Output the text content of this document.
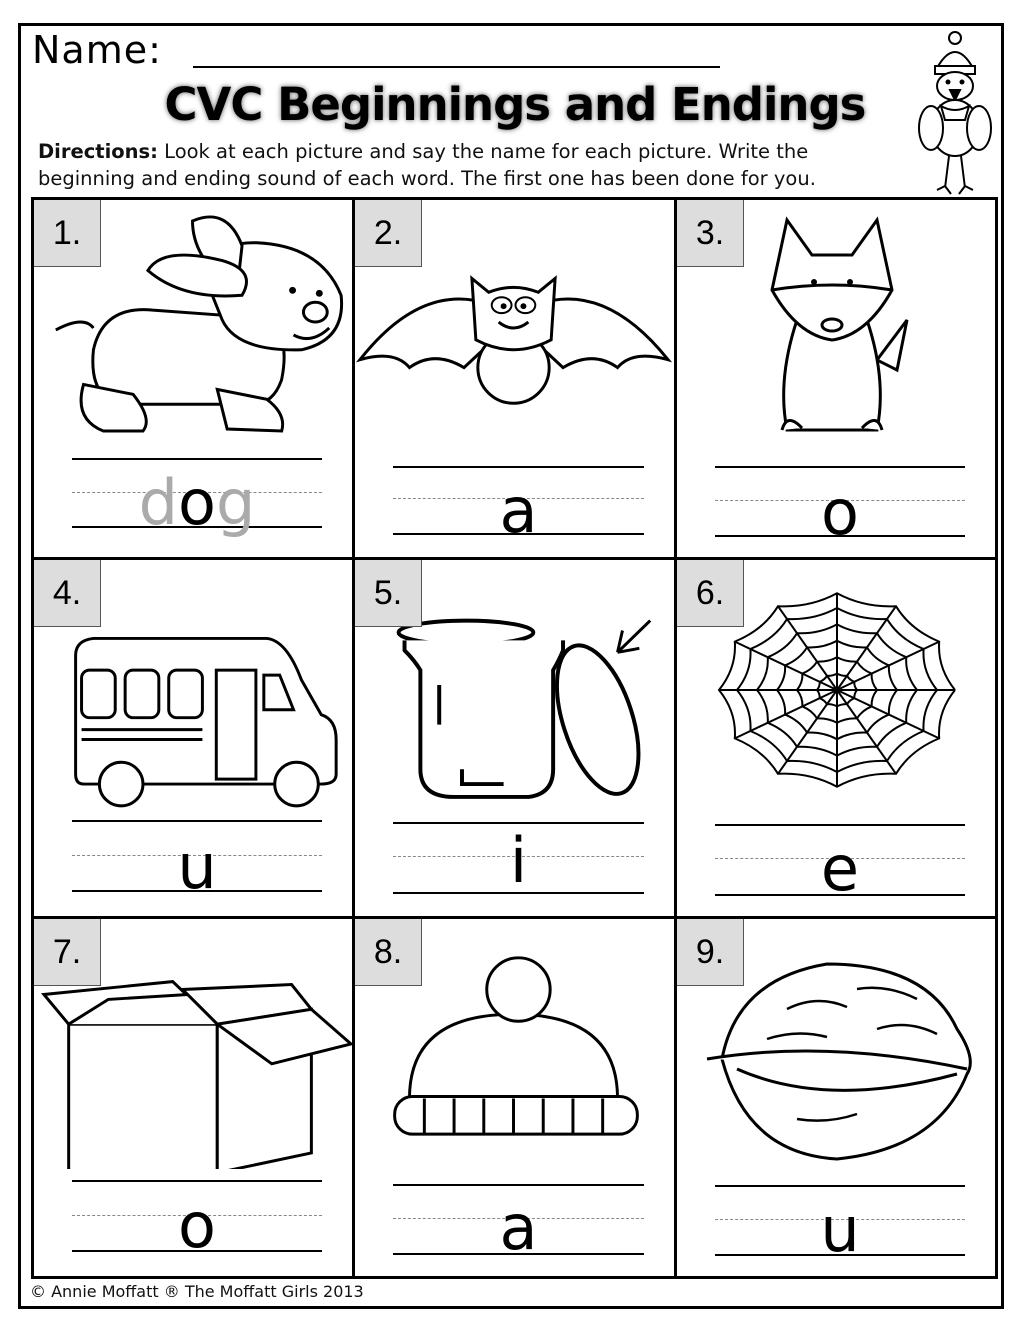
Name:
CVC Beginnings and Endings
Directions: Look at each picture and say the name for each picture. Write the beginning and ending sound of each word. The first one has been done for you.
dog
1.
a
2.
o
3.
u
4.
i
5.
e
6.
o
7.
a
8.
u
9.
© Annie Moffatt ® The Moffatt Girls 2013
